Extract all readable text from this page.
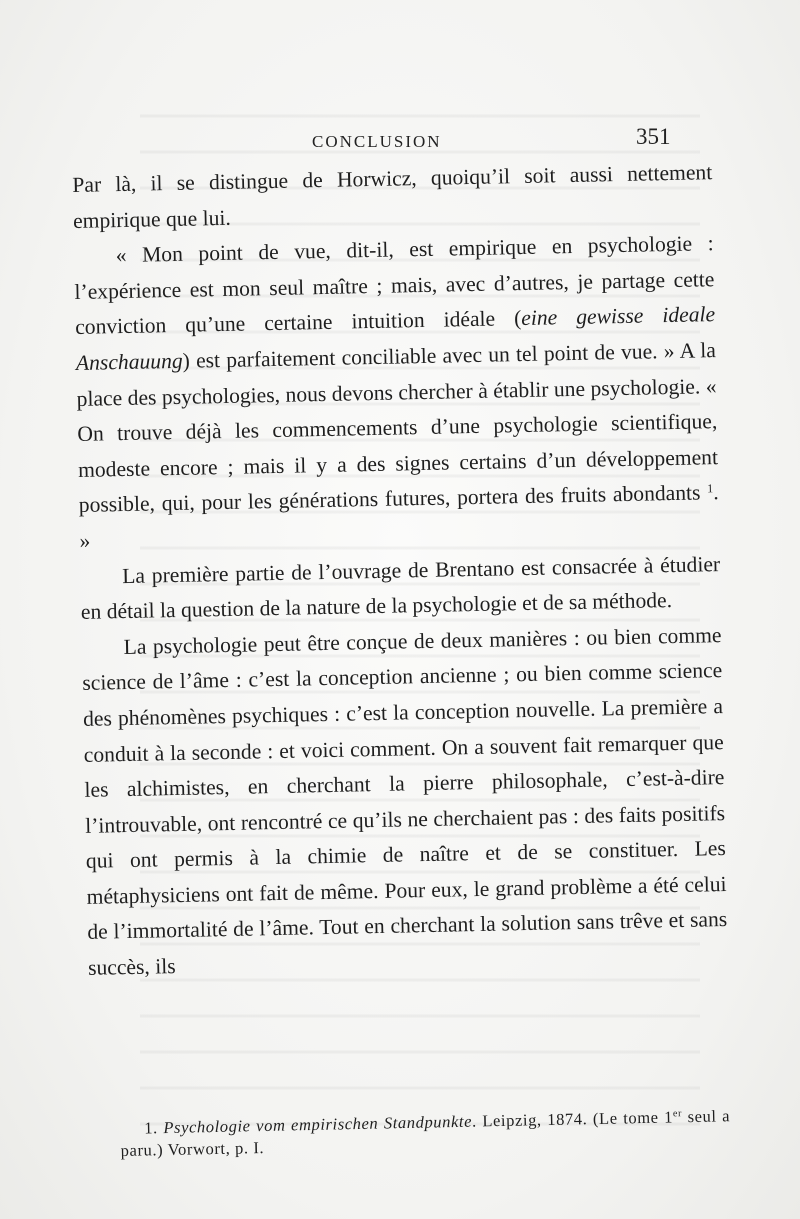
CONCLUSION	351

Par là, il se distingue de Horwicz, quoiqu’il soit aussi nettement empirique que lui.

« Mon point de vue, dit-il, est empirique en psychologie : l’expérience est mon seul maître ; mais, avec d’autres, je partage cette conviction qu’une certaine intuition idéale (eine gewisse ideale Anschauung) est parfaitement conciliable avec un tel point de vue. » A la place des psychologies, nous devons chercher à établir une psychologie. « On trouve déjà les commencements d’une psychologie scientifique, modeste encore ; mais il y a des signes certains d’un développement possible, qui, pour les générations futures, portera des fruits abondants $^1$. »

La première partie de l’ouvrage de Brentano est consacrée à étudier en détail la question de la nature de la psychologie et de sa méthode.

La psychologie peut être conçue de deux manières : ou bien comme science de l’âme : c’est la conception ancienne ; ou bien comme science des phénomènes psychiques : c’est la conception nouvelle. La première a conduit à la seconde : et voici comment. On a souvent fait remarquer que les alchimistes, en cherchant la pierre philosophale, c’est-à-dire l’introuvable, ont rencontré ce qu’ils ne cherchaient pas : des faits positifs qui ont permis à la chimie de naître et de se constituer. Les métaphysiciens ont fait de même. Pour eux, le grand problème a été celui de l’immortalité de l’âme. Tout en cherchant la solution sans trêve et sans succès, ils

1. Psychologie vom empirischen Standpunkte. Leipzig, 1874. (Le tome 1er seul a paru.) Vorwort, p. I.
